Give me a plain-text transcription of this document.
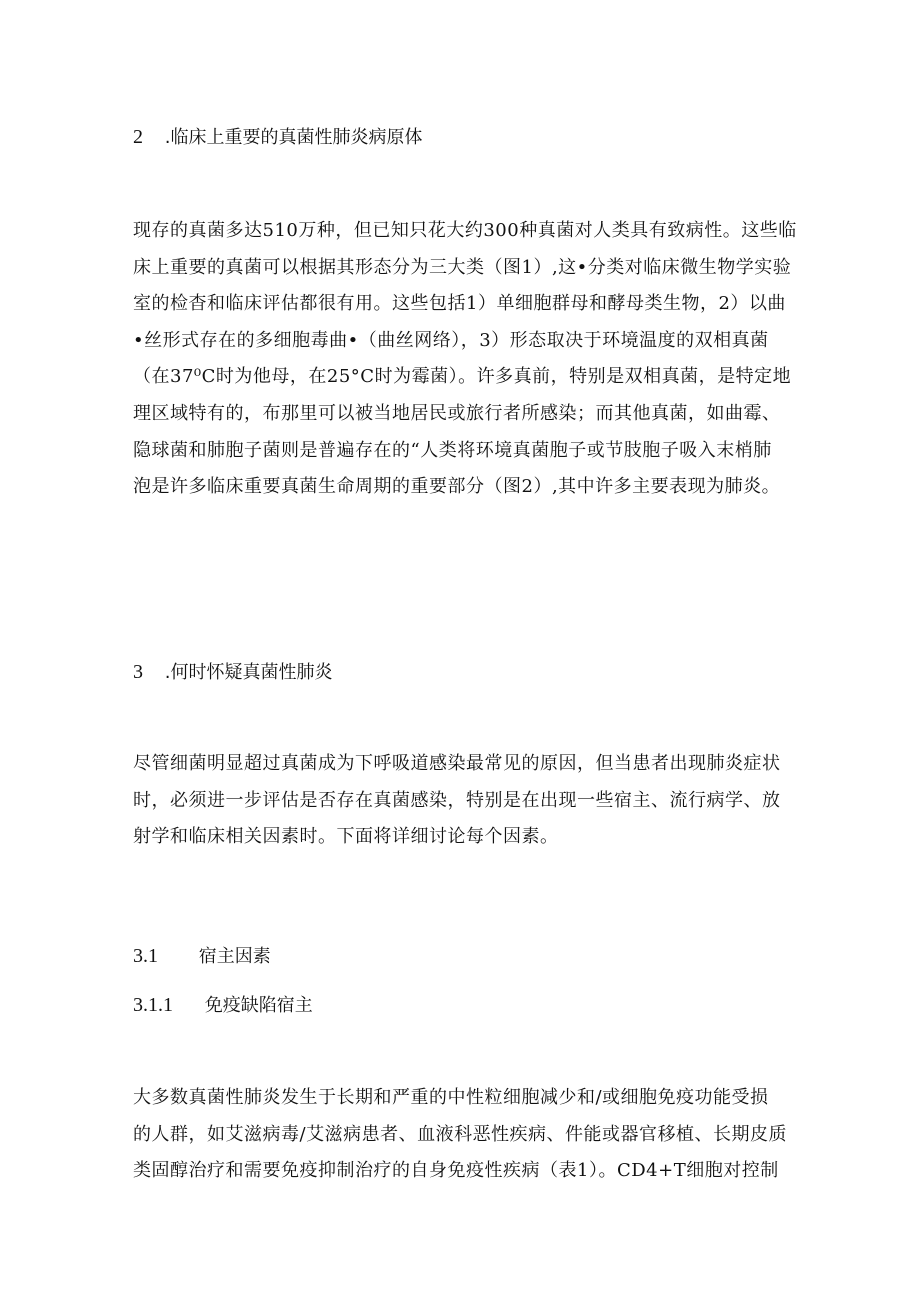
2 .临床上重要的真菌性肺炎病原体

现存的真菌多达510万种，但已知只花大约300种真菌对人类具有致病性。这些临
床上重要的真菌可以根据其形态分为三大类（图1）,这•分类对临床微生物学实验
室的检杳和临床评估都很有用。这些包括1）单细胞群母和酵母类生物，2）以曲
•丝形式存在的多细胞毒曲•（曲丝网络），3）形态取决于环境温度的双相真菌
（在37⁰C时为他母，在25°C时为霉菌）。许多真前，特别是双相真菌，是特定地
理区域特有的，布那里可以被当地居民或旅行者所感染；而其他真菌，如曲霉、
隐球菌和肺胞子菌则是普遍存在的“人类将环境真菌胞子或节肢胞子吸入末梢肺
泡是许多临床重要真菌生命周期的重要部分（图2）,其中许多主要表现为肺炎。

3 .何时怀疑真菌性肺炎

尽管细菌明显超过真菌成为下呼吸道感染最常见的原因，但当患者出现肺炎症状
时，必须进一步评估是否存在真菌感染，特别是在出现一些宿主、流行病学、放
射学和临床相关因素时。下面将详细讨论每个因素。

3.1 宿主因素
3.1.1 免疫缺陷宿主

大多数真菌性肺炎发生于长期和严重的中性粒细胞减少和/或细胞免疫功能受损
的人群，如艾滋病毒/艾滋病患者、血液科恶性疾病、件能或器官移植、长期皮质
类固醇治疗和需要免疫抑制治疗的自身免疫性疾病（表1）。CD4+T细胞对控制
